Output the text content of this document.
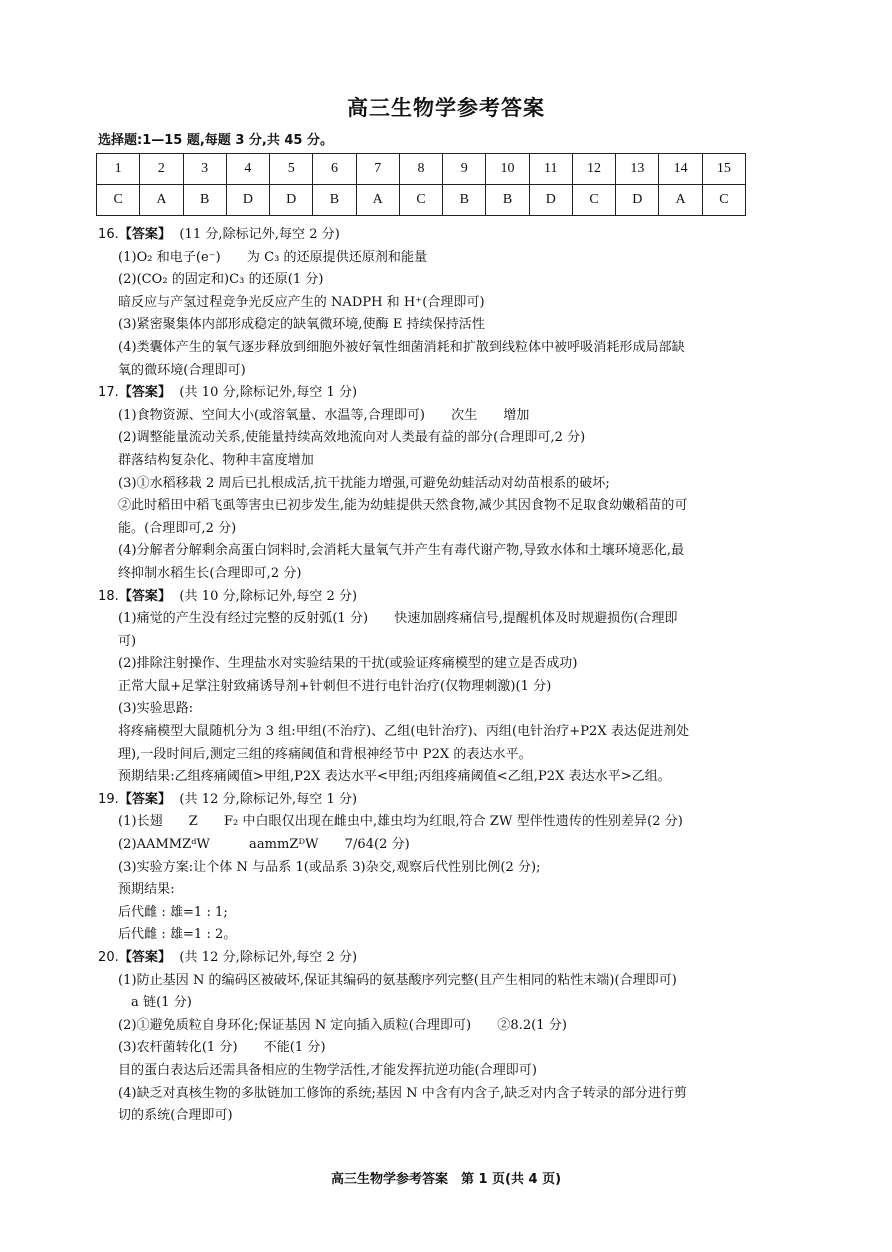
高三生物学参考答案
选择题:1—15 题,每题 3 分,共 45 分。
1	2	3	4	5	6	7	8	9	10	11	12	13	14	15
C	A	B	D	D	B	A	C	B	B	D	C	D	A	C
16.【答案】 (11 分,除标记外,每空 2 分)
(1)O₂ 和电子(e⁻)　　为 C₃ 的还原提供还原剂和能量
(2)(CO₂ 的固定和)C₃ 的还原(1 分)
暗反应与产氢过程竞争光反应产生的 NADPH 和 H⁺(合理即可)
(3)紧密聚集体内部形成稳定的缺氧微环境,使酶 E 持续保持活性
(4)类囊体产生的氧气逐步释放到细胞外被好氧性细菌消耗和扩散到线粒体中被呼吸消耗形成局部缺
氧的微环境(合理即可)
17.【答案】 (共 10 分,除标记外,每空 1 分)
(1)食物资源、空间大小(或溶氧量、水温等,合理即可)　　次生　　增加
(2)调整能量流动关系,使能量持续高效地流向对人类最有益的部分(合理即可,2 分)
群落结构复杂化、物种丰富度增加
(3)①水稻移栽 2 周后已扎根成活,抗干扰能力增强,可避免幼蛙活动对幼苗根系的破坏;
②此时稻田中稻飞虱等害虫已初步发生,能为幼蛙提供天然食物,减少其因食物不足取食幼嫩稻苗的可
能。(合理即可,2 分)
(4)分解者分解剩余高蛋白饲料时,会消耗大量氧气并产生有毒代谢产物,导致水体和土壤环境恶化,最
终抑制水稻生长(合理即可,2 分)
18.【答案】 (共 10 分,除标记外,每空 2 分)
(1)痛觉的产生没有经过完整的反射弧(1 分)　　快速加剧疼痛信号,提醒机体及时规避损伤(合理即
可)
(2)排除注射操作、生理盐水对实验结果的干扰(或验证疼痛模型的建立是否成功)
正常大鼠+足掌注射致痛诱导剂+针刺但不进行电针治疗(仅物理刺激)(1 分)
(3)实验思路:
将疼痛模型大鼠随机分为 3 组:甲组(不治疗)、乙组(电针治疗)、丙组(电针治疗+P2X 表达促进剂处
理),一段时间后,测定三组的疼痛阈值和背根神经节中 P2X 的表达水平。
预期结果:乙组疼痛阈值>甲组,P2X 表达水平<甲组;丙组疼痛阈值<乙组,P2X 表达水平>乙组。
19.【答案】 (共 12 分,除标记外,每空 1 分)
(1)长翅　　Z　　F₂ 中白眼仅出现在雌虫中,雄虫均为红眼,符合 ZW 型伴性遗传的性别差异(2 分)
(2)AAMMZᵈW　　　aammZᴰW　　7/64(2 分)
(3)实验方案:让个体 N 与品系 1(或品系 3)杂交,观察后代性别比例(2 分);
预期结果:
后代雌 : 雄=1 : 1;
后代雌 : 雄=1 : 2。
20.【答案】 (共 12 分,除标记外,每空 2 分)
(1)防止基因 N 的编码区被破坏,保证其编码的氨基酸序列完整(且产生相同的粘性末端)(合理即可)
　a 链(1 分)
(2)①避免质粒自身环化;保证基因 N 定向插入质粒(合理即可)　　②8.2(1 分)
(3)农杆菌转化(1 分)　　不能(1 分)
目的蛋白表达后还需具备相应的生物学活性,才能发挥抗逆功能(合理即可)
(4)缺乏对真核生物的多肽链加工修饰的系统;基因 N 中含有内含子,缺乏对内含子转录的部分进行剪
切的系统(合理即可)
高三生物学参考答案　第 1 页(共 4 页)
